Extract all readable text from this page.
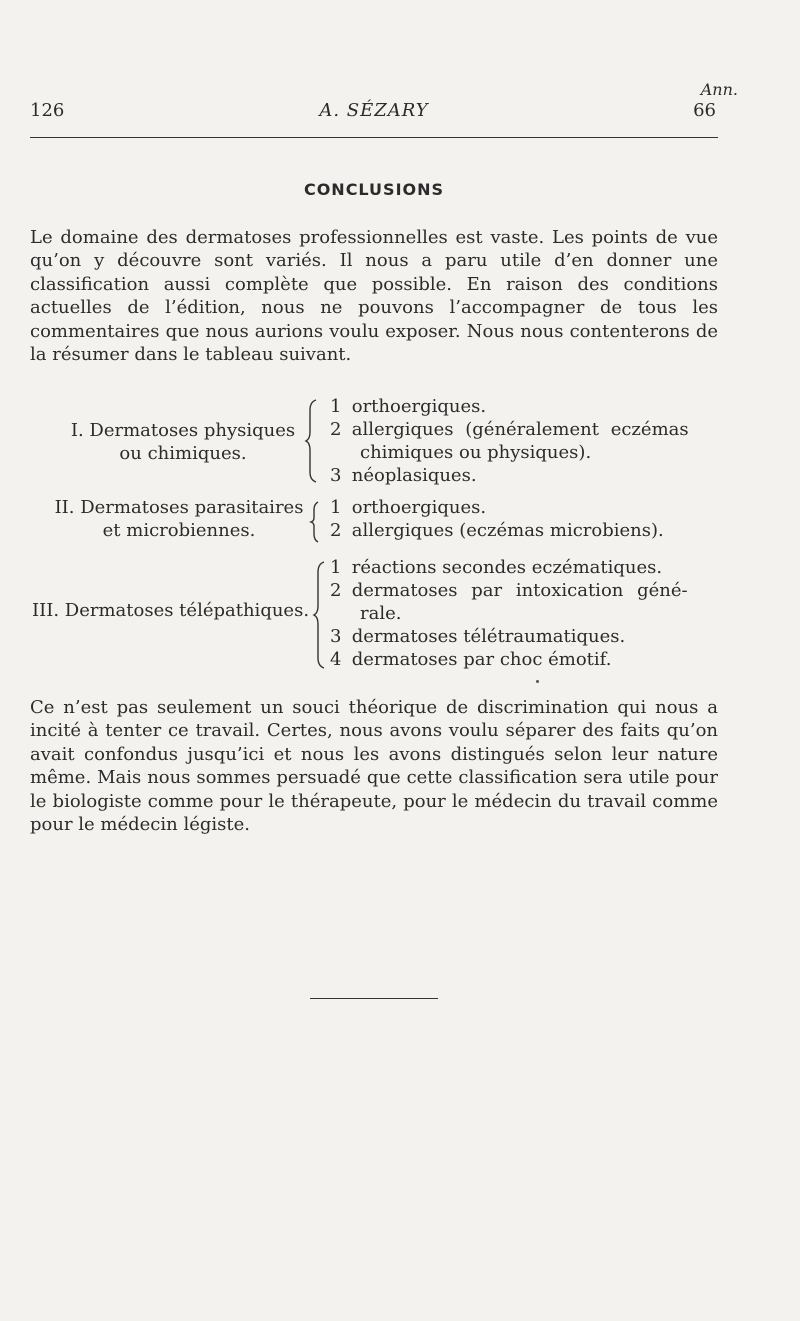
Ann.
126	A. SÉZARY	66
CONCLUSIONS

Le domaine des dermatoses professionnelles est vaste. Les points de vue qu’on y découvre sont variés. Il nous a paru utile d’en donner une classification aussi complète que possible. En raison des conditions actuelles de l’édition, nous ne pouvons l’accompagner de tous les commentaires que nous aurions voulu exposer. Nous nous contenterons de la résumer dans le tableau suivant.

I. Dermatoses physiques
ou chimiques.
1 orthoergiques.
2 allergiques (généralement eczémas
chimiques ou physiques).
3 néoplasiques.
II. Dermatoses parasitaires
et microbiennes.
1 orthoergiques.
2 allergiques (eczémas microbiens).
III. Dermatoses télépathiques.
1 réactions secondes eczématiques.
2 dermatoses par intoxication géné-
rale.
3 dermatoses télétraumatiques.
4 dermatoses par choc émotif.

Ce n’est pas seulement un souci théorique de discrimination qui nous a incité à tenter ce travail. Certes, nous avons voulu séparer des faits qu’on avait confondus jusqu’ici et nous les avons distingués selon leur nature même. Mais nous sommes persuadé que cette classification sera utile pour le biologiste comme pour le thérapeute, pour le médecin du travail comme pour le médecin légiste.
